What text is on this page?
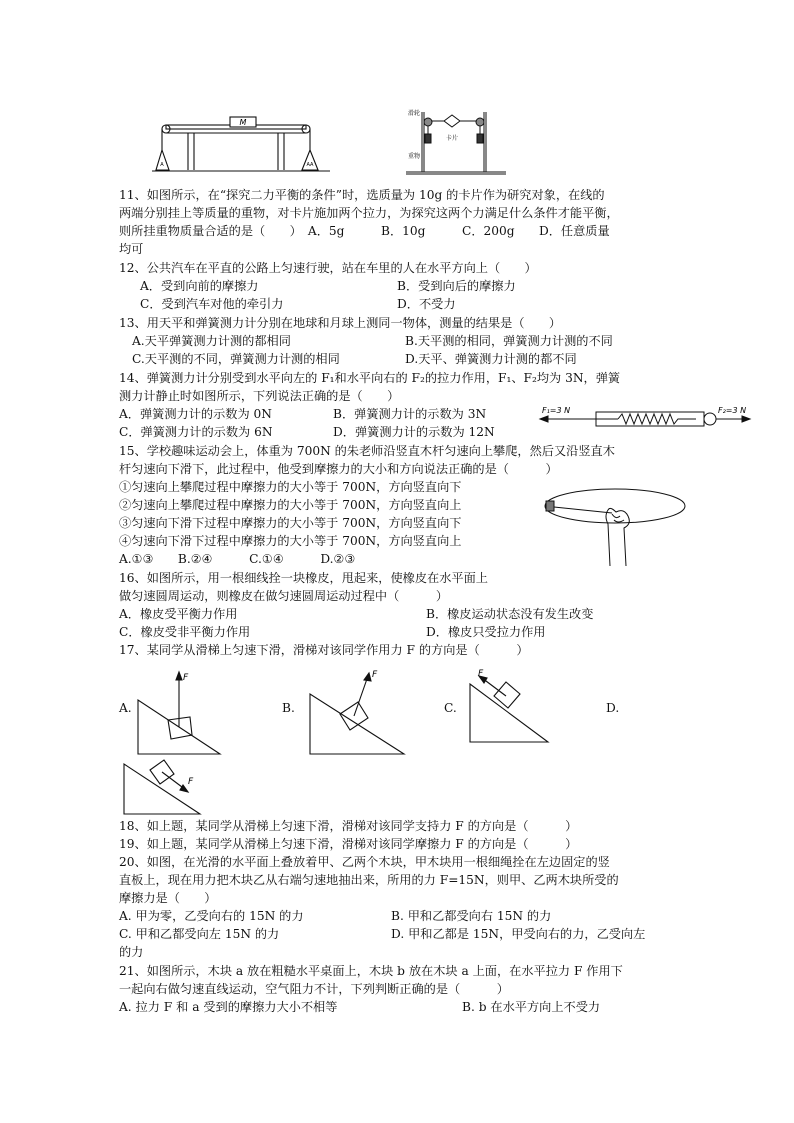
M
A	AA
滑轮
卡片
重物
11、如图所示，在“探究二力平衡的条件”时，选质量为 10g 的卡片作为研究对象，在线的
两端分别挂上等质量的重物，对卡片施加两个拉力，为探究这两个力满足什么条件才能平衡，
则所挂重物质量合适的是（　　）　A．5g　　　B．10g　　　C．200g　　D．任意质量
均可
12、公共汽车在平直的公路上匀速行驶，站在车里的人在水平方向上（　　）
A．受到向前的摩擦力	B．受到向后的摩擦力
C．受到汽车对他的牵引力	D．不受力
13、用天平和弹簧测力计分别在地球和月球上测同一物体，测量的结果是（　　）
A.天平弹簧测力计测的都相同	B.天平测的相同，弹簧测力计测的不同
C.天平测的不同，弹簧测力计测的相同	D.天平、弹簧测力计测的都不同
14、弹簧测力计分别受到水平向左的 F₁和水平向右的 F₂的拉力作用，F₁、F₂均为 3N，弹簧
测力计静止时如图所示，下列说法正确的是（　　）
A．弹簧测力计的示数为 0N	B．弹簧测力计的示数为 3N
C．弹簧测力计的示数为 6N	D．弹簧测力计的示数为 12N
F₁=3 N	F₂=3 N
15、学校趣味运动会上，体重为 700N 的朱老师沿竖直木杆匀速向上攀爬，然后又沿竖直木
杆匀速向下滑下，此过程中，他受到摩擦力的大小和方向说法正确的是（　　　）
①匀速向上攀爬过程中摩擦力的大小等于 700N，方向竖直向下
②匀速向上攀爬过程中摩擦力的大小等于 700N，方向竖直向上
③匀速向下滑下过程中摩擦力的大小等于 700N，方向竖直向下
④匀速向下滑下过程中摩擦力的大小等于 700N，方向竖直向上
A.①③　　B.②④　　　C.①④　　　D.②③
16、如图所示，用一根细线拴一块橡皮，甩起来，使橡皮在水平面上
做匀速圆周运动，则橡皮在做匀速圆周运动过程中（　　　）
A．橡皮受平衡力作用	B．橡皮运动状态没有发生改变
C．橡皮受非平衡力作用	D．橡皮只受拉力作用
17、某同学从滑梯上匀速下滑，滑梯对该同学作用力 F 的方向是（　　　）
A.
F
B.
F
C.
F
D.
F
18、如上题，某同学从滑梯上匀速下滑，滑梯对该同学支持力 F 的方向是（　　　）
19、如上题，某同学从滑梯上匀速下滑，滑梯对该同学摩擦力 F 的方向是（　　　）
20、如图，在光滑的水平面上叠放着甲、乙两个木块，甲木块用一根细绳拴在左边固定的竖
直板上，现在用力把木块乙从右端匀速地抽出来，所用的力 F=15N，则甲、乙两木块所受的
摩擦力是（　　）
A. 甲为零，乙受向右的 15N 的力	B. 甲和乙都受向右 15N 的力
C. 甲和乙都受向左 15N 的力	D. 甲和乙都是 15N，甲受向右的力，乙受向左
的力
21、如图所示，木块 a 放在粗糙水平桌面上，木块 b 放在木块 a 上面，在水平拉力 F 作用下
一起向右做匀速直线运动，空气阻力不计，下列判断正确的是（　　　）
A. 拉力 F 和 a 受到的摩擦力大小不相等	B. b 在水平方向上不受力
